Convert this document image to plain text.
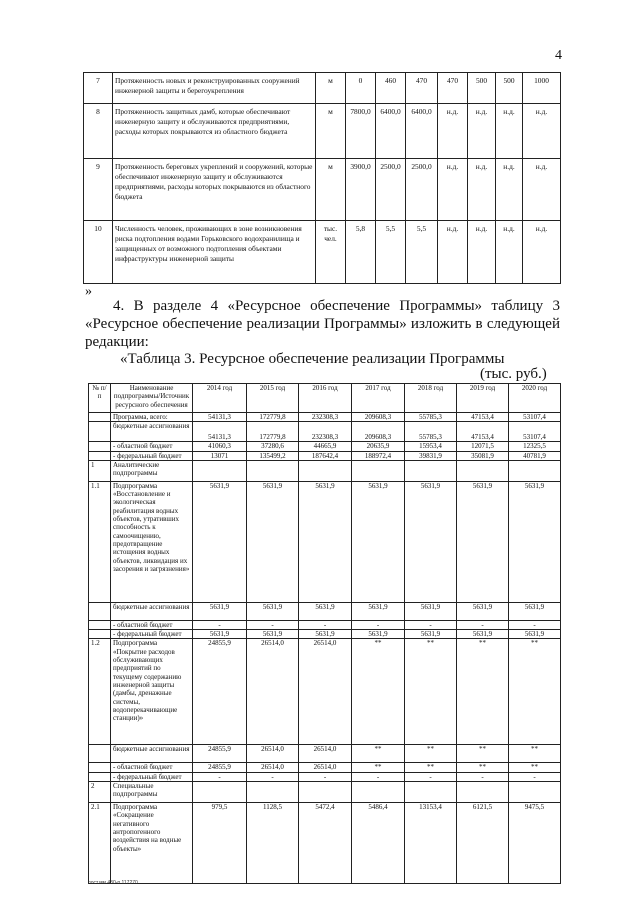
4
7	Протяженность новых и реконструированных сооружений инженерной защиты и берегоукрепления	м	0	460	470	470	500	500	1000
8	Протяженность защитных дамб, которые обеспечивают инженерную защиту и обслуживаются предприятиями, расходы которых покрываются из областного бюджета	м	7800,0	6400,0	6400,0	н.д.	н.д.	н.д.	н.д.
9	Протяженность береговых укреплений и сооружений, которые обеспечивают инженерную защиту и обслуживаются предприятиями, расходы которых покрываются из областного бюджета	м	3900,0	2500,0	2500,0	н.д.	н.д.	н.д.	н.д.
10	Численность человек, проживающих в зоне возникновения риска подтопления водами Горьковского водохранилища и защищенных от возможного подтопления объектами инфраструктуры инженерной защиты	тыс. чел.	5,8	5,5	5,5	н.д.	н.д.	н.д.	н.д.
»
4. В разделе 4 «Ресурсное обеспечение Программы» таблицу 3 «Ресурсное обеспечение реализации Программы» изложить в следующей редакции:
«Таблица 3. Ресурсное обеспечение реализации Программы
(тыс. руб.)
№ п/п	Наименование подпрограммы/Источник ресурсного обеспечения	2014 год	2015 год	2016 год	2017 год	2018 год	2019 год	2020 год
	Программа, всего:	54131,3	172779,8	232308,3	209608,3	55785,3	47153,4	53107,4
	бюджетные ассигнования	54131,3	172779,8	232308,3	209608,3	55785,3	47153,4	53107,4
	- областной бюджет	41060,3	37280,6	44665,9	20635,9	15953,4	12071,5	12325,5
	- федеральный бюджет	13071	135499,2	187642,4	188972,4	39831,9	35081,9	40781,9
1	Аналитические подпрограммы							
1.1	Подпрограмма «Восстановление и экологическая реабилитация водных объектов, утративших способность к самоочищению, предотвращение истощения водных объектов, ликвидация их засорения и загрязнения»	5631,9	5631,9	5631,9	5631,9	5631,9	5631,9	5631,9
	бюджетные ассигнования	5631,9	5631,9	5631,9	5631,9	5631,9	5631,9	5631,9
	- областной бюджет	-	-	-	-	-	-	-
	- федеральный бюджет	5631,9	5631,9	5631,9	5631,9	5631,9	5631,9	5631,9
1.2	Подпрограмма «Покрытие расходов обслуживающих предприятий по текущему содержанию инженерной защиты (дамбы, дренажные системы, водоперекачивающие станции)»	24855,9	26514,0	26514,0	**	**	**	**
	бюджетные ассигнования	24855,9	26514,0	26514,0	**	**	**	**
	- областной бюджет	24855,9	26514,0	26514,0	**	**	**	**
	- федеральный бюджет	-	-	-	-	-	-	-
2	Специальные подпрограммы							
2.1	Подпрограмма «Сокращение негативного антропогенного воздействия на водные объекты»	979,5	1128,5	5472,4	5486,4	13153,4	6121,5	9475,5
пост.мм.430-п 117270
